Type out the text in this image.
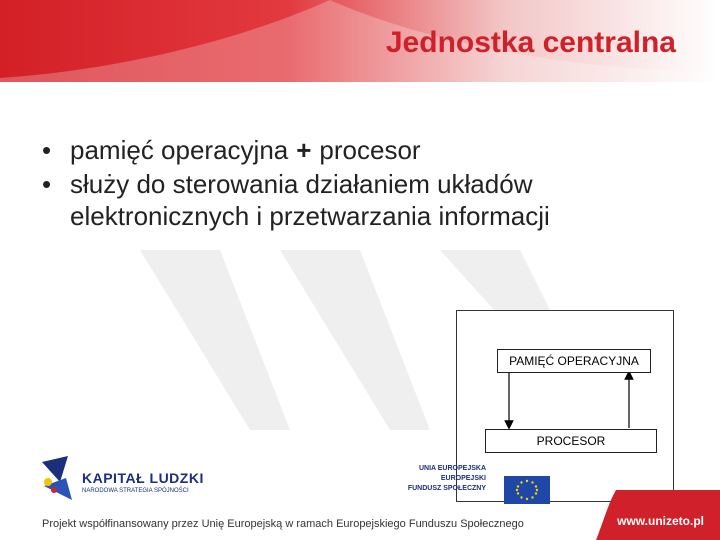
Jednostka centralna
• pamięć operacyjna + procesor
• służy do sterowania działaniem układów elektronicznych i przetwarzania informacji
PAMIĘĆ OPERACYJNA
PROCESOR
KAPITAŁ LUDZKI
NARODOWA STRATEGIA SPÓJNOŚCI
UNIA EUROPEJSKA
EUROPEJSKI
FUNDUSZ SPOŁECZNY
Projekt współfinansowany przez Unię Europejską w ramach Europejskiego Funduszu Społecznego	www.unizeto.pl
